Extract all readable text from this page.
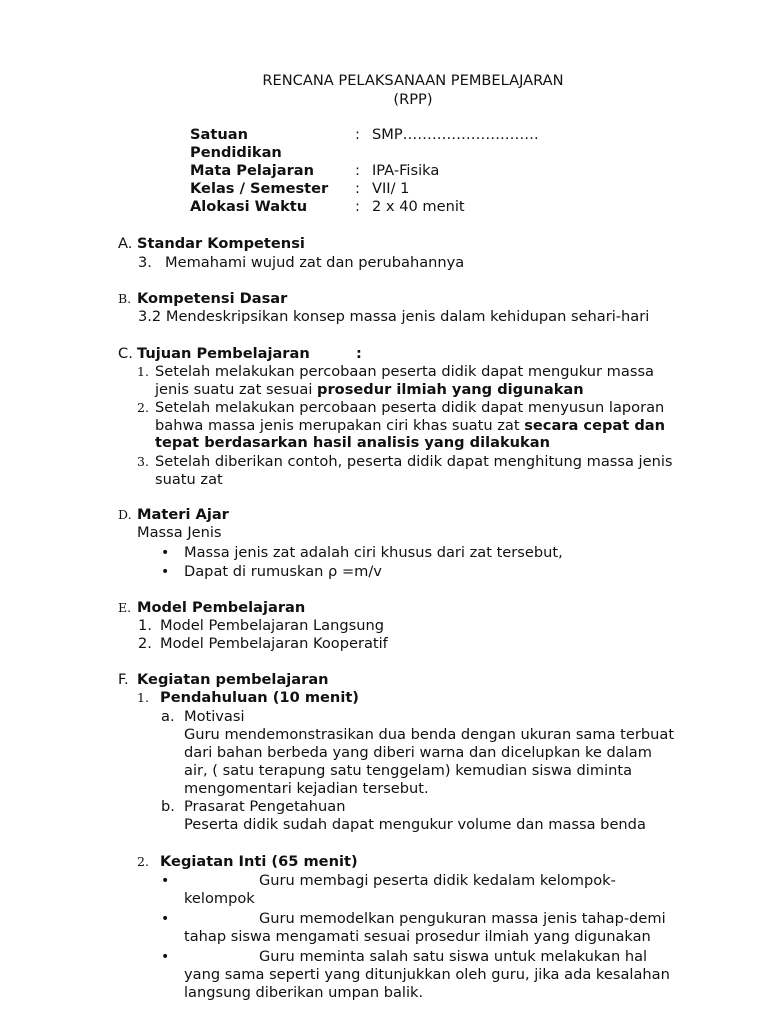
RENCANA PELAKSANAAN PEMBELAJARAN
(RPP)
Satuan	: SMP……………………….
Pendidikan
Mata Pelajaran	: IPA-Fisika
Kelas / Semester	: VII/ 1
Alokasi Waktu	: 2 x 40 menit
A. Standar Kompetensi
3. Memahami wujud zat dan perubahannya
B. Kompetensi Dasar
3.2 Mendeskripsikan konsep massa jenis dalam kehidupan sehari-hari
C. Tujuan Pembelajaran	:
1. Setelah melakukan percobaan peserta didik dapat mengukur massa
jenis suatu zat sesuai prosedur ilmiah yang digunakan
2. Setelah melakukan percobaan peserta didik dapat menyusun laporan
bahwa massa jenis merupakan ciri khas suatu zat secara cepat dan
tepat berdasarkan hasil analisis yang dilakukan
3. Setelah diberikan contoh, peserta didik dapat menghitung massa jenis
suatu zat
D. Materi Ajar
Massa Jenis
• Massa jenis zat adalah ciri khusus dari zat tersebut,
• Dapat di rumuskan ρ =m/v
E. Model Pembelajaran
1. Model Pembelajaran Langsung
2. Model Pembelajaran Kooperatif
F. Kegiatan pembelajaran
1. Pendahuluan (10 menit)
a. Motivasi
Guru mendemonstrasikan dua benda dengan ukuran sama terbuat
dari bahan berbeda yang diberi warna dan dicelupkan ke dalam
air, ( satu terapung satu tenggelam) kemudian siswa diminta
mengomentari kejadian tersebut.
b. Prasarat Pengetahuan
Peserta didik sudah dapat mengukur volume dan massa benda
2. Kegiatan Inti (65 menit)
•	Guru membagi peserta didik kedalam kelompok-
kelompok
•	Guru memodelkan pengukuran massa jenis tahap-demi
tahap siswa mengamati sesuai prosedur ilmiah yang digunakan
•	Guru meminta salah satu siswa untuk melakukan hal
yang sama seperti yang ditunjukkan oleh guru, jika ada kesalahan
langsung diberikan umpan balik.
